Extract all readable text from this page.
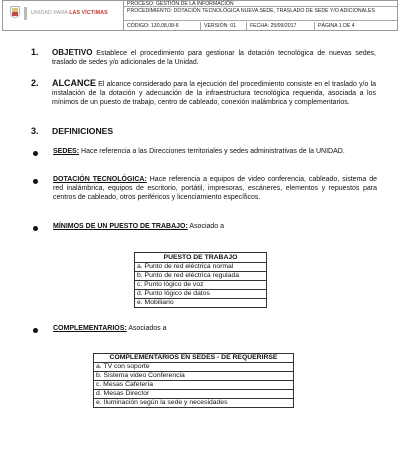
UNIDAD PARA LAS VÍCTIMAS
PROCESO: GESTIÓN DE LA INFORMACIÓN
PROCEDIMIENTO: DOTACIÓN TECNOLÓGICA NUEVA SEDE, TRASLADO DE SEDE Y/O ADICIONALES
CÓDIGO: 130,08,08-6	VERSIÓN: 01	FECHA: 25/09/2017	PÁGINA 1 DE 4
1. OBJETIVO Establece el procedimiento para gestionar la dotación tecnológica de nuevas sedes, traslado de sedes y/o adicionales de la Unidad.
2. ALCANCE El alcance considerado para la ejecución del procedimiento consiste en el traslado y/o la instalación de la dotación y adecuación de la infraestructura tecnológica requerida, asociada a los mínimos de un puesto de trabajo, centro de cableado, conexión inalámbrica y complementarios.
3. DEFINICIONES
SEDES: Hace referencia a las Direcciones territoriales y sedes administrativas de la UNIDAD.
DOTACIÓN TECNOLÓGICA: Hace referencia a equipos de video conferencia, cableado, sistema de red inalámbrica, equipos de escritorio, portátil, impresoras, escáneres, elementos y repuestos para centros de cableado, otros periféricos y licenciamiento específicos.
MÍNIMOS DE UN PUESTO DE TRABAJO: Asociado a
PUESTO DE TRABAJO
a. Punto de red eléctrica normal
b. Punto de red eléctrica regulada
c. Punto lógico de voz
d. Punto lógico de datos
e. Mobiliario
COMPLEMENTARIOS: Asociados a
COMPLEMENTARIOS EN SEDES - DE REQUERIRSE
a. TV con soporte
b. Sistema video Conferencia
c. Mesas Cafetería
d. Mesas Director
e. Iluminación según la sede y necesidades
